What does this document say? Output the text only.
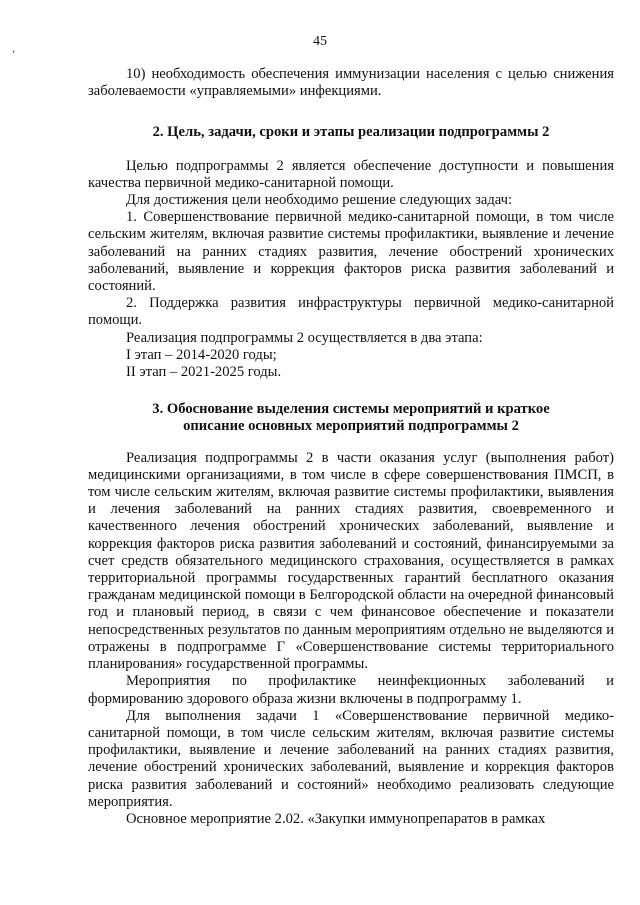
,	45

10) необходимость обеспечения иммунизации населения с целью снижения заболеваемости «управляемыми» инфекциями.

2. Цель, задачи, сроки и этапы реализации подпрограммы 2

Целью подпрограммы 2 является обеспечение доступности и повышения качества первичной медико-санитарной помощи.

Для достижения цели необходимо решение следующих задач:

1. Совершенствование первичной медико-санитарной помощи, в том числе сельским жителям, включая развитие системы профилактики, выявление и лечение заболеваний на ранних стадиях развития, лечение обострений хронических заболеваний, выявление и коррекция факторов риска развития заболеваний и состояний.

2. Поддержка развития инфраструктуры первичной медико-санитарной помощи.

Реализация подпрограммы 2 осуществляется в два этапа:

I этап – 2014-2020 годы;

II этап – 2021-2025 годы.

3. Обоснование выделения системы мероприятий и краткое описание основных мероприятий подпрограммы 2

Реализация подпрограммы 2 в части оказания услуг (выполнения работ) медицинскими организациями, в том числе в сфере совершенствования ПМСП, в том числе сельским жителям, включая развитие системы профилактики, выявления и лечения заболеваний на ранних стадиях развития, своевременного и качественного лечения обострений хронических заболеваний, выявление и коррекция факторов риска развития заболеваний и состояний, финансируемыми за счет средств обязательного медицинского страхования, осуществляется в рамках территориальной программы государственных гарантий бесплатного оказания гражданам медицинской помощи в Белгородской области на очередной финансовый год и плановый период, в связи с чем финансовое обеспечение и показатели непосредственных результатов по данным мероприятиям отдельно не выделяются и отражены в подпрограмме Г «Совершенствование системы территориального планирования» государственной программы.

Мероприятия по профилактике неинфекционных заболеваний и формированию здорового образа жизни включены в подпрограмму 1.

Для выполнения задачи 1 «Совершенствование первичной медико-санитарной помощи, в том числе сельским жителям, включая развитие системы профилактики, выявление и лечение заболеваний на ранних стадиях развития, лечение обострений хронических заболеваний, выявление и коррекция факторов риска развития заболеваний и состояний» необходимо реализовать следующие мероприятия.

Основное мероприятие 2.02. «Закупки иммунопрепаратов в рамках
